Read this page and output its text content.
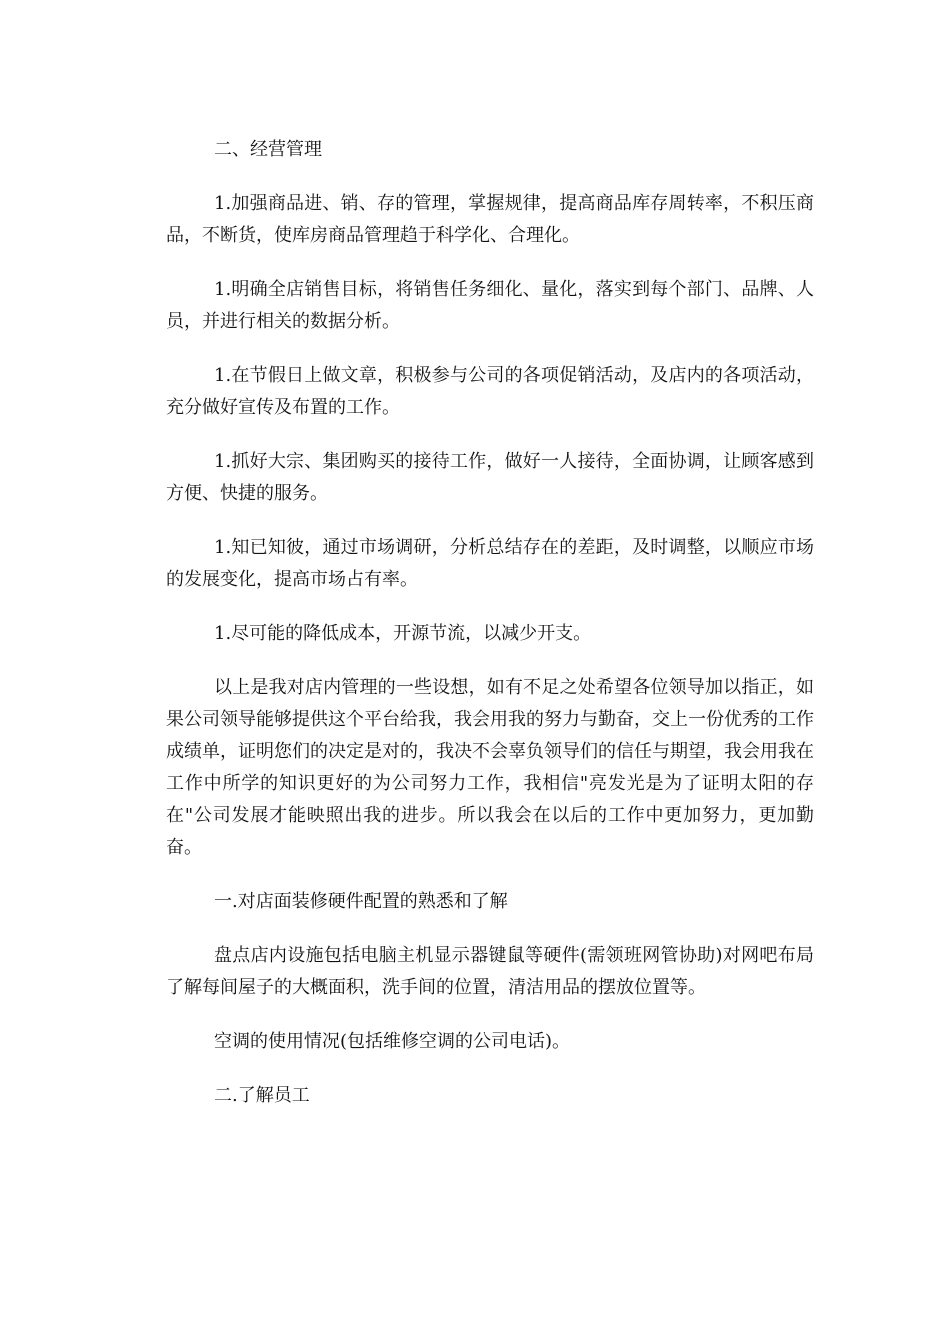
二、经营管理

1.加强商品进、销、存的管理，掌握规律，提高商品库存周转率，不积压商品，不断货，使库房商品管理趋于科学化、合理化。

1.明确全店销售目标，将销售任务细化、量化，落实到每个部门、品牌、人员，并进行相关的数据分析。

1.在节假日上做文章，积极参与公司的各项促销活动，及店内的各项活动，充分做好宣传及布置的工作。

1.抓好大宗、集团购买的接待工作，做好一人接待，全面协调，让顾客感到方便、快捷的服务。

1.知已知彼，通过市场调研，分析总结存在的差距，及时调整，以顺应市场的发展变化，提高市场占有率。

1.尽可能的降低成本，开源节流，以减少开支。

以上是我对店内管理的一些设想，如有不足之处希望各位领导加以指正，如果公司领导能够提供这个平台给我，我会用我的努力与勤奋，交上一份优秀的工作成绩单，证明您们的决定是对的，我决不会辜负领导们的信任与期望，我会用我在工作中所学的知识更好的为公司努力工作，我相信"亮发光是为了证明太阳的存在"公司发展才能映照出我的进步。所以我会在以后的工作中更加努力，更加勤奋。

一.对店面装修硬件配置的熟悉和了解

盘点店内设施包括电脑主机显示器键鼠等硬件(需领班网管协助)对网吧布局了解每间屋子的大概面积，洗手间的位置，清洁用品的摆放位置等。

空调的使用情况(包括维修空调的公司电话)。

二.了解员工
